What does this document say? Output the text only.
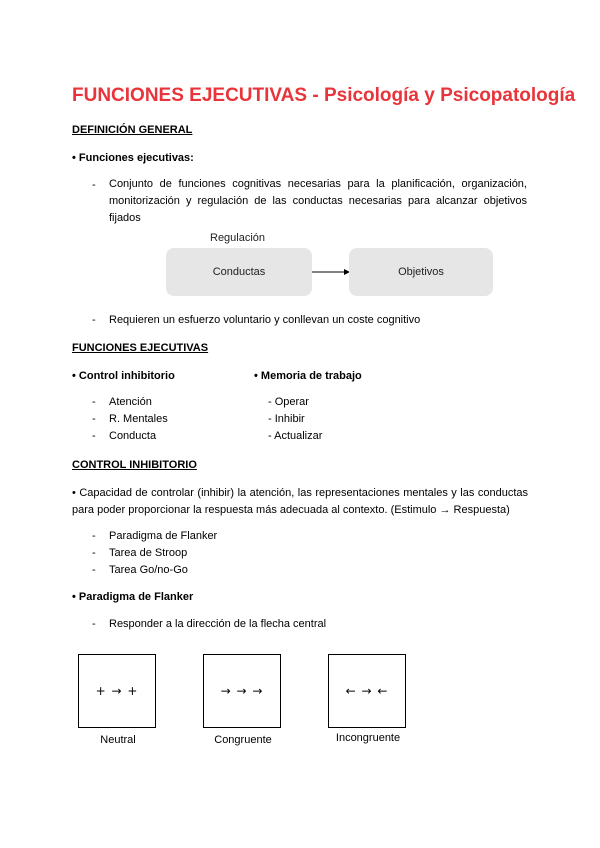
FUNCIONES EJECUTIVAS - Psicología y Psicopatología
DEFINICIÓN GENERAL
• Funciones ejecutivas:
- Conjunto de funciones cognitivas necesarias para la planificación, organización,
monitorización y regulación de las conductas necesarias para alcanzar objetivos
fijados
Regulación
Conductas	Objetivos
- Requieren un esfuerzo voluntario y conllevan un coste cognitivo
FUNCIONES EJECUTIVAS
• Control inhibitorio	• Memoria de trabajo
- Atención
- R. Mentales
- Conducta
- Operar
- Inhibir
- Actualizar
CONTROL INHIBITORIO
• Capacidad de controlar (inhibir) la atención, las representaciones mentales y las conductas
para poder proporcionar la respuesta más adecuada al contexto. (Estimulo → Respuesta)
- Paradigma de Flanker
- Tarea de Stroop
- Tarea Go/no-Go
• Paradigma de Flanker
- Responder a la dirección de la flecha central
+ → +	→ → →	← → ←
Neutral	Congruente	Incongruente
